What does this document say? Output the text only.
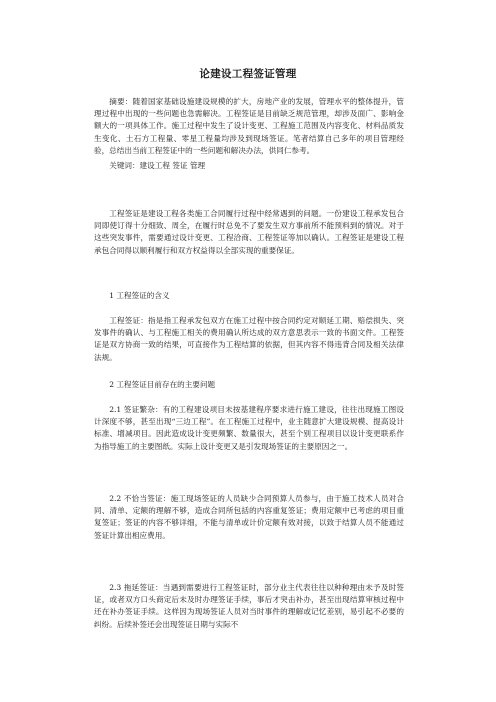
论建设工程签证管理
摘要：随着国家基础设施建设规模的扩大，房地产业的发展，管理水平的整体提升，管理过程中出现的一些问题也急需解决。工程签证是目前缺乏规范管理，却涉及面广、影响金额大的一项具体工作。施工过程中发生了设计变更、工程施工范围及内容变化、材料品质发生变化、土石方工程量、零星工程量均涉及到现场签证。笔者结算自己多年的项目管理经验，总结出当前工程签证中的一些问题和解决办法，供同仁参考。
关键词：建设工程 签证 管理
工程签证是建设工程各类施工合同履行过程中经常遇到的问题。一份建设工程承发包合同即使订得十分细致、周全，在履行时总免不了要发生双方事前所不能预料到的情况。对于这些突发事件，需要通过设计变更、工程洽商、工程签证等加以确认。工程签证是建设工程承包合同得以顺利履行和双方权益得以全部实现的重要保证。
1 工程签证的含义
工程签证：指是指工程承发包双方在施工过程中按合同约定对顺延工期、赔偿损失、突发事件的确认、与工程施工相关的费用确认所达成的双方意思表示一致的书面文件。工程签证是双方协商一致的结果，可直接作为工程结算的依据，但其内容不得违背合同及相关法律法规。
2 工程签证目前存在的主要问题
2.1 签证繁杂：有的工程建设项目未按基建程序要求进行施工建设，往往出现施工图设计深度不够，甚至出现“三边工程”。在工程施工过程中，业主随意扩大建设规模、提高设计标准、增减项目。因此造成设计变更频繁、数量很大，甚至个别工程项目以设计变更联系作为指导施工的主要图纸。实际上设计变更又是引发现场签证的主要原因之一。
2.2 不恰当签证：施工现场签证的人员缺少合同预算人员参与，由于施工技术人员对合同、清单、定额的理解不够，造成合同所包括的内容重复签证；费用定额中已考虑的项目重复签证；签证的内容不够详细，不能与清单或计价定额有效对接，以致于结算人员不能通过签证计算出相应费用。
2.3 拖延签证：当遇到需要进行工程签证时，部分业主代表往往以种种理由未予及时签证，或者双方口头商定后未及时办理签证手续，事后才突击补办，甚至出现结算审核过程中还在补办签证手续。这样因为现场签证人员对当时事件的理解或记忆差别，易引起不必要的纠纷。后续补签还会出现签证日期与实际不
